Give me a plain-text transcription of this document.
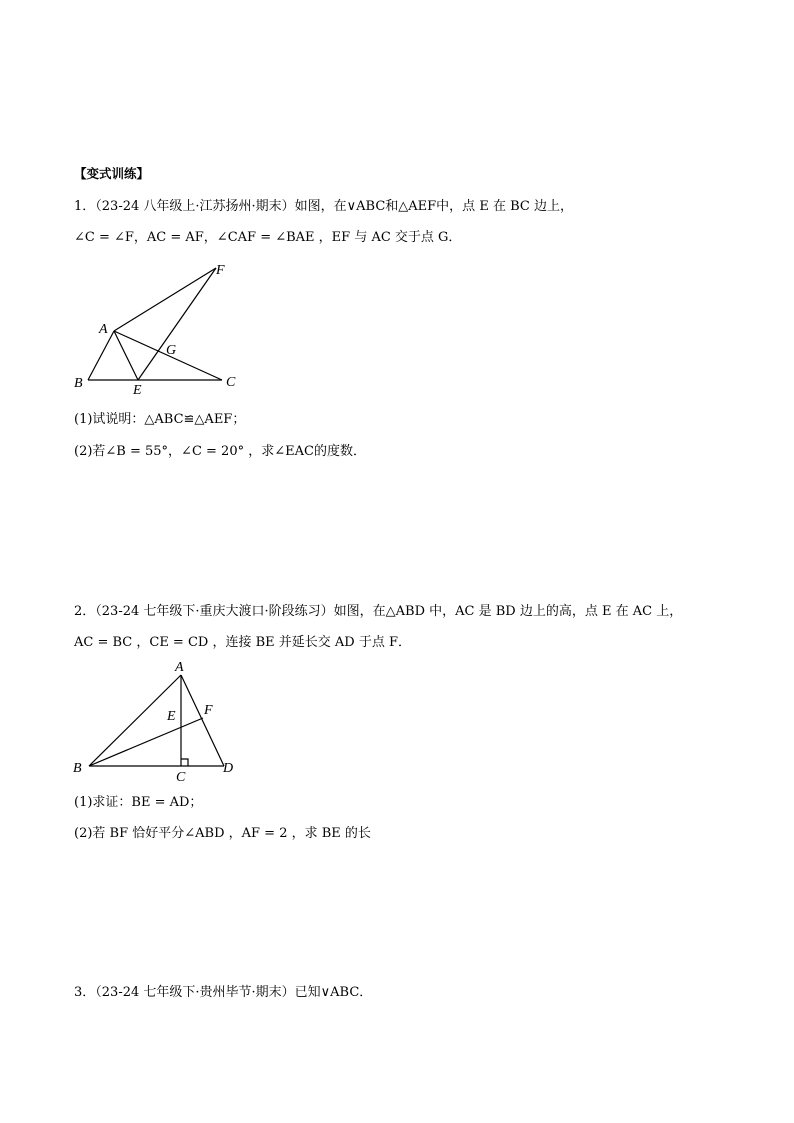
【变式训练】
1．（23-24 八年级上·江苏扬州·期末）如图，在∨ABC和△AEF中，点 E 在 BC 边上，
∠C = ∠F，AC = AF，∠CAF = ∠BAE ，EF 与 AC 交于点 G．
F
A
G
B	E
C
(1)试说明：△ABC≌△AEF；
(2)若∠B = 55°，∠C = 20° ，求∠EAC的度数．
2．（23-24 七年级下·重庆大渡口·阶段练习）如图，在△ABD 中，AC 是 BD 边上的高，点 E 在 AC 上，
AC = BC ，CE = CD ，连接 BE 并延长交 AD 于点 F．
A
E F
B
C
D
(1)求证：BE = AD；
(2)若 BF 恰好平分∠ABD ，AF = 2 ，求 BE 的长
3．（23-24 七年级下·贵州毕节·期末）已知∨ABC．
